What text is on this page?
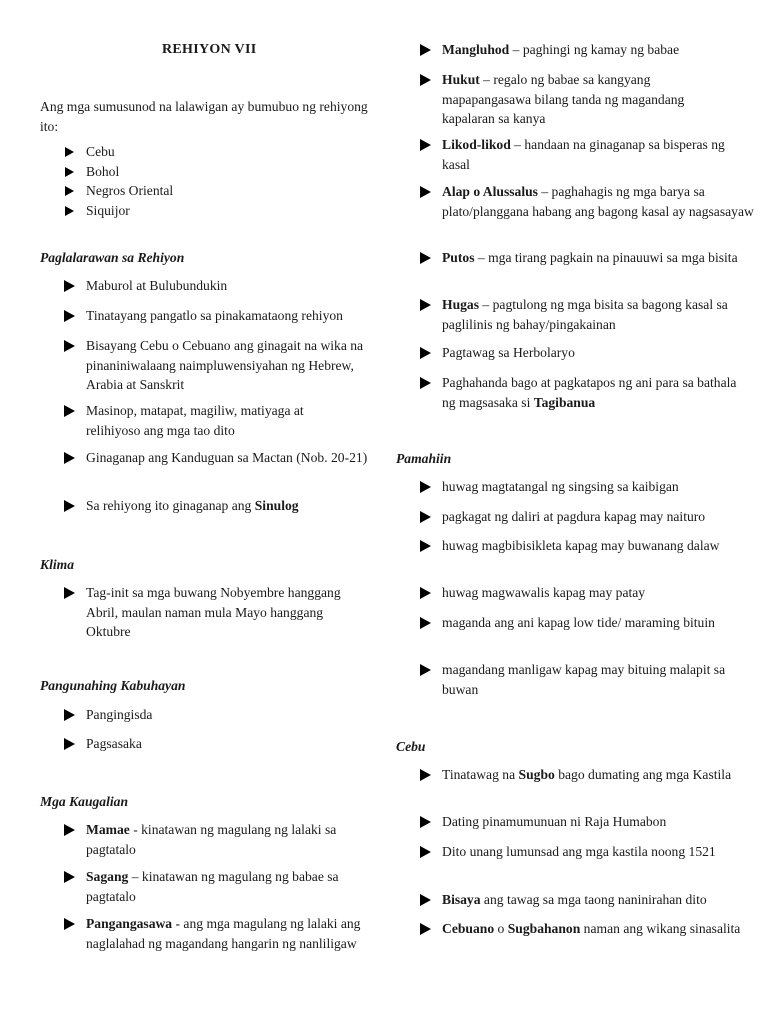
REHIYON VII
Ang mga sumusunod na lalawigan ay bumubuo ng rehiyong ito:
Cebu
Bohol
Negros Oriental
Siquijor
Paglalarawan sa Rehiyon
Maburol at Bulubundukin
Tinatayang pangatlo sa pinakamataong rehiyon
Bisayang Cebu o Cebuano ang ginagait na wika na pinaniniwalaang naimpluwensiyahan ng Hebrew, Arabia at Sanskrit
Masinop, matapat, magiliw, matiyaga at relihiyoso ang mga tao dito
Ginaganap ang Kanduguan sa Mactan (Nob. 20-21)
Sa rehiyong ito ginaganap ang Sinulog
Klima
Tag-init sa mga buwang Nobyembre hanggang Abril, maulan naman mula Mayo hanggang Oktubre
Pangunahing Kabuhayan
Pangingisda
Pagsasaka
Mga Kaugalian
Mamae - kinatawan ng magulang ng lalaki sa pagtatalo
Sagang – kinatawan ng magulang ng babae sa pagtatalo
Pangangasawa - ang mga magulang ng lalaki ang naglalahad ng magandang hangarin ng nanliligaw
Mangluhod – paghingi ng kamay ng babae
Hukut – regalo ng babae sa kangyang mapapangasawa bilang tanda ng magandang kapalaran sa kanya
Likod-likod – handaan na ginaganap sa bisperas ng kasal
Alap o Alussalus – paghahagis ng mga barya sa plato/planggana habang ang bagong kasal ay nagsasayaw
Putos – mga tirang pagkain na pinauuwi sa mga bisita
Hugas – pagtulong ng mga bisita sa bagong kasal sa paglilinis ng bahay/pingakainan
Pagtawag sa Herbolaryo
Paghahanda bago at pagkatapos ng ani para sa bathala ng magsasaka si Tagibanua
Pamahiin
huwag magtatangal ng singsing sa kaibigan
pagkagat ng daliri at pagdura kapag may naituro
huwag magbibisikleta kapag may buwanang dalaw
huwag magwawalis kapag may patay
maganda ang ani kapag low tide/ maraming bituin
magandang manligaw kapag may bituing malapit sa buwan
Cebu
Tinatawag na Sugbo bago dumating ang mga Kastila
Dating pinamumunuan ni Raja Humabon
Dito unang lumunsad ang mga kastila noong 1521
Bisaya ang tawag sa mga taong naninirahan dito
Cebuano o Sugbahanon naman ang wikang sinasalita
